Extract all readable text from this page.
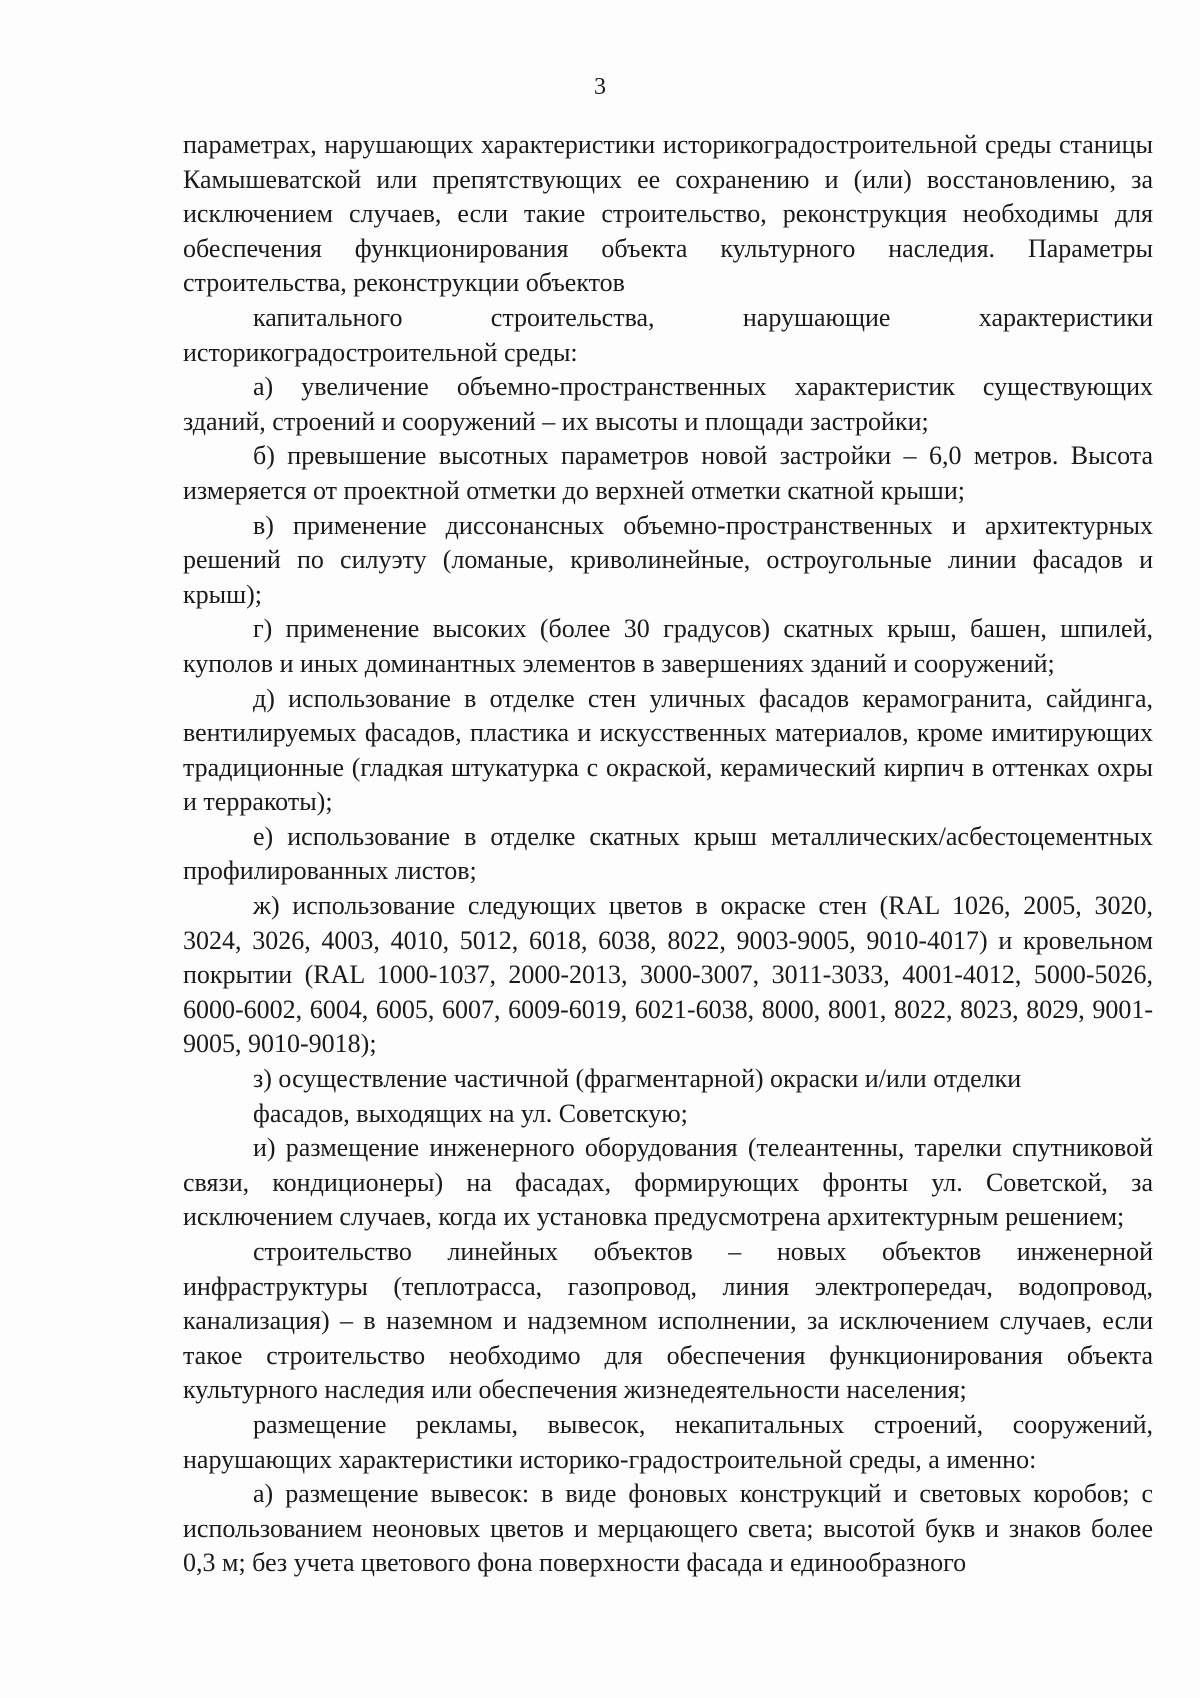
3

параметрах, нарушающих характеристики историкоградостроительной среды станицы Камышеватской или препятствующих ее сохранению и (или) восстановлению, за исключением случаев, если такие строительство, реконструкция необходимы для обеспечения функционирования объекта культурного наследия. Параметры строительства, реконструкции объектов

капитального строительства, нарушающие характеристики историкоградостроительной среды:

а) увеличение объемно-пространственных характеристик существующих зданий, строений и сооружений – их высоты и площади застройки;

б) превышение высотных параметров новой застройки – 6,0 метров. Высота измеряется от проектной отметки до верхней отметки скатной крыши;

в) применение диссонансных объемно-пространственных и архитектурных решений по силуэту (ломаные, криволинейные, остроугольные линии фасадов и крыш);

г) применение высоких (более 30 градусов) скатных крыш, башен, шпилей, куполов и иных доминантных элементов в завершениях зданий и сооружений;

д) использование в отделке стен уличных фасадов керамогранита, сайдинга, вентилируемых фасадов, пластика и искусственных материалов, кроме имитирующих традиционные (гладкая штукатурка с окраской, керамический кирпич в оттенках охры и терракоты);

е) использование в отделке скатных крыш металлических/асбестоцементных профилированных листов;

ж) использование следующих цветов в окраске стен (RAL 1026, 2005, 3020, 3024, 3026, 4003, 4010, 5012, 6018, 6038, 8022, 9003-9005, 9010-4017) и кровельном покрытии (RAL 1000-1037, 2000-2013, 3000-3007, 3011-3033, 4001-4012, 5000-5026, 6000-6002, 6004, 6005, 6007, 6009-6019, 6021-6038, 8000, 8001, 8022, 8023, 8029, 9001-9005, 9010-9018);

з) осуществление частичной (фрагментарной) окраски и/или отделки

фасадов, выходящих на ул. Советскую;

и) размещение инженерного оборудования (телеантенны, тарелки спутниковой связи, кондиционеры) на фасадах, формирующих фронты ул. Советской, за исключением случаев, когда их установка предусмотрена архитектурным решением;

строительство линейных объектов – новых объектов инженерной инфраструктуры (теплотрасса, газопровод, линия электропередач, водопровод, канализация) – в наземном и надземном исполнении, за исключением случаев, если такое строительство необходимо для обеспечения функционирования объекта культурного наследия или обеспечения жизнедеятельности населения;

размещение рекламы, вывесок, некапитальных строений, сооружений, нарушающих характеристики историко-градостроительной среды, а именно:

а) размещение вывесок: в виде фоновых конструкций и световых коробов; с использованием неоновых цветов и мерцающего света; высотой букв и знаков более 0,3 м; без учета цветового фона поверхности фасада и единообразного
